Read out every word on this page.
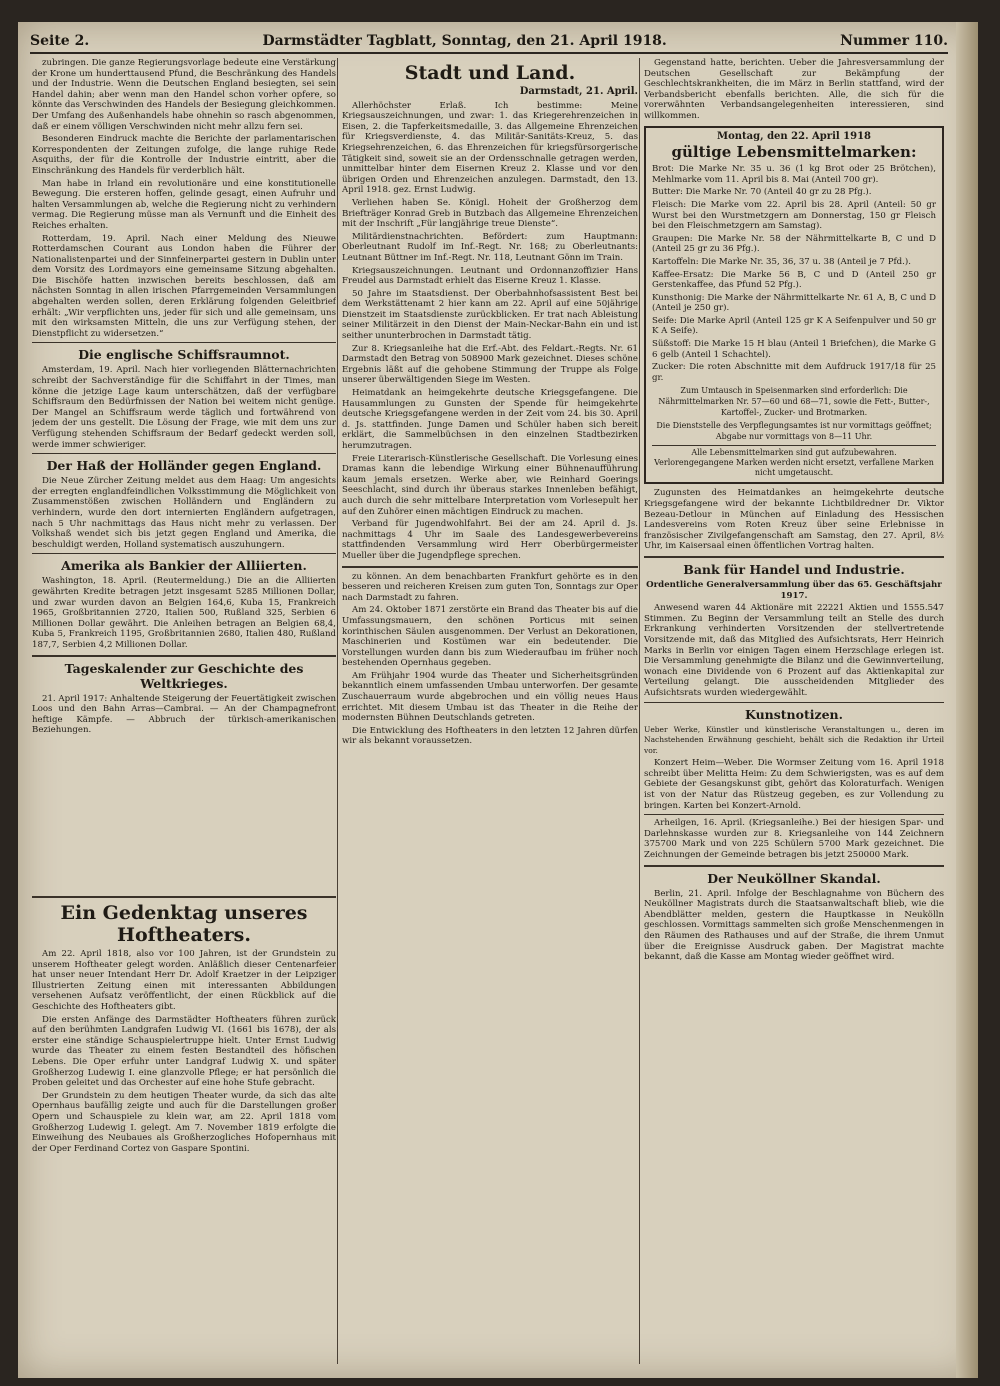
Seite 2.	Darmstädter Tagblatt, Sonntag, den 21. April 1918.	Nummer 110.

zubringen. Die ganze Regierungsvorlage bedeute eine Verstärkung der Krone um hunderttausend Pfund, die Beschränkung des Handels und der Industrie. Wenn die Deutschen England besiegten, sei sein Handel dahin; aber wenn man den Handel schon vorher opfere, so könnte das Verschwinden des Handels der Besiegung gleichkommen. Der Umfang des Außenhandels habe ohnehin so rasch abgenommen, daß er einem völligen Verschwinden nicht mehr allzu fern sei.

Besonderen Eindruck machte die Berichte der parlamentarischen Korrespondenten der Zeitungen zufolge, die lange ruhige Rede Asquiths, der für die Kontrolle der Industrie eintritt, aber die Einschränkung des Handels für verderblich hält.

Man habe in Irland ein revolutionäre und eine konstitutionelle Bewegung. Die ersteren hoffen, gelinde gesagt, einen Aufruhr und halten Versammlungen ab, welche die Regierung nicht zu verhindern vermag. Die Regierung müsse man als Vernunft und die Einheit des Reiches erhalten.

Rotterdam, 19. April. Nach einer Meldung des Nieuwe Rotterdamschen Courant aus London haben die Führer der Nationalistenpartei und der Sinnfeinerpartei gestern in Dublin unter dem Vorsitz des Lordmayors eine gemeinsame Sitzung abgehalten. Die Bischöfe hatten inzwischen bereits beschlossen, daß am nächsten Sonntag in allen irischen Pfarrgemeinden Versammlungen abgehalten werden sollen, deren Erklärung folgenden Geleitbrief erhält: „Wir verpflichten uns, jeder für sich und alle gemeinsam, uns mit den wirksamsten Mitteln, die uns zur Verfügung stehen, der Dienstpflicht zu widersetzen.“

Die englische Schiffsraumnot.

Amsterdam, 19. April. Nach hier vorliegenden Blätternachrichten schreibt der Sachverständige für die Schiffahrt in der Times, man könne die jetzige Lage kaum unterschätzen, daß der verfügbare Schiffsraum den Bedürfnissen der Nation bei weitem nicht genüge. Der Mangel an Schiffsraum werde täglich und fortwährend von jedem der uns gestellt. Die Lösung der Frage, wie mit dem uns zur Verfügung stehenden Schiffsraum der Bedarf gedeckt werden soll, werde immer schwieriger.

Der Haß der Holländer gegen England.

Die Neue Zürcher Zeitung meldet aus dem Haag: Um angesichts der erregten englandfeindlichen Volksstimmung die Möglichkeit von Zusammenstößen zwischen Holländern und Engländern zu verhindern, wurde den dort internierten Engländern aufgetragen, nach 5 Uhr nachmittags das Haus nicht mehr zu verlassen. Der Volkshaß wendet sich bis jetzt gegen England und Amerika, die beschuldigt werden, Holland systematisch auszuhungern.

Amerika als Bankier der Alliierten.

Washington, 18. April. (Reutermeldung.) Die an die Alliierten gewährten Kredite betragen jetzt insgesamt 5285 Millionen Dollar, und zwar wurden davon an Belgien 164,6, Kuba 15, Frankreich 1965, Großbritannien 2720, Italien 500, Rußland 325, Serbien 6 Millionen Dollar gewährt. Die Anleihen betragen an Belgien 68,4, Kuba 5, Frankreich 1195, Großbritannien 2680, Italien 480, Rußland 187,7, Serbien 4,2 Millionen Dollar.

Tageskalender zur Geschichte des Weltkrieges.

21. April 1917: Anhaltende Steigerung der Feuertätigkeit zwischen Loos und den Bahn Arras—Cambrai. — An der Champagnefront heftige Kämpfe. — Abbruch der türkisch-amerikanischen Beziehungen.

Ein Gedenktag unseres Hoftheaters.

Am 22. April 1818, also vor 100 Jahren, ist der Grundstein zu unserem Hoftheater gelegt worden. Anläßlich dieser Centenarfeier hat unser neuer Intendant Herr Dr. Adolf Kraetzer in der Leipziger Illustrierten Zeitung einen mit interessanten Abbildungen versehenen Aufsatz veröffentlicht, der einen Rückblick auf die Geschichte des Hoftheaters gibt.

Die ersten Anfänge des Darmstädter Hoftheaters führen zurück auf den berühmten Landgrafen Ludwig VI. (1661 bis 1678), der als erster eine ständige Schauspielertruppe hielt. Unter Ernst Ludwig wurde das Theater zu einem festen Bestandteil des höfischen Lebens. Die Oper erfuhr unter Landgraf Ludwig X. und später Großherzog Ludewig I. eine glanzvolle Pflege; er hat persönlich die Proben geleitet und das Orchester auf eine hohe Stufe gebracht.

Der Grundstein zu dem heutigen Theater wurde, da sich das alte Opernhaus baufällig zeigte und auch für die Darstellungen großer Opern und Schauspiele zu klein war, am 22. April 1818 vom Großherzog Ludewig I. gelegt. Am 7. November 1819 erfolgte die Einweihung des Neubaues als Großherzogliches Hofopernhaus mit der Oper Ferdinand Cortez von Gaspare Spontini.

Stadt und Land.
Darmstadt, 21. April.

Allerhöchster Erlaß. Ich bestimme: Meine Kriegsauszeichnungen, und zwar: 1. das Kriegerehrenzeichen in Eisen, 2. die Tapferkeitsmedaille, 3. das Allgemeine Ehrenzeichen für Kriegsverdienste, 4. das Militär-Sanitäts-Kreuz, 5. das Kriegsehrenzeichen, 6. das Ehrenzeichen für kriegsfürsorgerische Tätigkeit sind, soweit sie an der Ordensschnalle getragen werden, unmittelbar hinter dem Eisernen Kreuz 2. Klasse und vor den übrigen Orden und Ehrenzeichen anzulegen. Darmstadt, den 13. April 1918. gez. Ernst Ludwig.

Verliehen haben Se. Königl. Hoheit der Großherzog dem Briefträger Konrad Greb in Butzbach das Allgemeine Ehrenzeichen mit der Inschrift „Für langjährige treue Dienste“.

Militärdienstnachrichten. Befördert: zum Hauptmann: Oberleutnant Rudolf im Inf.-Regt. Nr. 168; zu Oberleutnants: Leutnant Büttner im Inf.-Regt. Nr. 118, Leutnant Gönn im Train.

Kriegsauszeichnungen. Leutnant und Ordonnanzoffizier Hans Freudel aus Darmstadt erhielt das Eiserne Kreuz 1. Klasse.

50 Jahre im Staatsdienst. Der Oberbahnhofsassistent Best bei dem Werkstättenamt 2 hier kann am 22. April auf eine 50jährige Dienstzeit im Staatsdienste zurückblicken. Er trat nach Ableistung seiner Militärzeit in den Dienst der Main-Neckar-Bahn ein und ist seither ununterbrochen in Darmstadt tätig.

Zur 8. Kriegsanleihe hat die Erf.-Abt. des Feldart.-Regts. Nr. 61 Darmstadt den Betrag von 508900 Mark gezeichnet. Dieses schöne Ergebnis läßt auf die gehobene Stimmung der Truppe als Folge unserer überwältigenden Siege im Westen.

Heimatdank an heimgekehrte deutsche Kriegsgefangene. Die Hausammlungen zu Gunsten der Spende für heimgekehrte deutsche Kriegsgefangene werden in der Zeit vom 24. bis 30. April d. Js. stattfinden. Junge Damen und Schüler haben sich bereit erklärt, die Sammelbüchsen in den einzelnen Stadtbezirken herumzutragen.

Freie Literarisch-Künstlerische Gesellschaft. Die Vorlesung eines Dramas kann die lebendige Wirkung einer Bühnenaufführung kaum jemals ersetzen. Werke aber, wie Reinhard Goerings Seeschlacht, sind durch ihr überaus starkes Innenleben befähigt, auch durch die sehr mittelbare Interpretation vom Vorlesepult her auf den Zuhörer einen mächtigen Eindruck zu machen.

Verband für Jugendwohlfahrt. Bei der am 24. April d. Js. nachmittags 4 Uhr im Saale des Landesgewerbevereins stattfindenden Versammlung wird Herr Oberbürgermeister Mueller über die Jugendpflege sprechen.

zu können. An dem benachbarten Frankfurt gehörte es in den besseren und reicheren Kreisen zum guten Ton, Sonntags zur Oper nach Darmstadt zu fahren.

Am 24. Oktober 1871 zerstörte ein Brand das Theater bis auf die Umfassungsmauern, den schönen Porticus mit seinen korinthischen Säulen ausgenommen. Der Verlust an Dekorationen, Maschinerien und Kostümen war ein bedeutender. Die Vorstellungen wurden dann bis zum Wiederaufbau im früher noch bestehenden Opernhaus gegeben.

Am Frühjahr 1904 wurde das Theater und Sicherheitsgründen bekanntlich einem umfassenden Umbau unterworfen. Der gesamte Zuschauerraum wurde abgebrochen und ein völlig neues Haus errichtet. Mit diesem Umbau ist das Theater in die Reihe der modernsten Bühnen Deutschlands getreten.

Die Entwicklung des Hoftheaters in den letzten 12 Jahren dürfen wir als bekannt voraussetzen.

Gegenstand hatte, berichten. Ueber die Jahresversammlung der Deutschen Gesellschaft zur Bekämpfung der Geschlechtskrankheiten, die im März in Berlin stattfand, wird der Verbandsbericht ebenfalls berichten. Alle, die sich für die vorerwähnten Verbandsangelegenheiten interessieren, sind willkommen.

Montag, den 22. April 1918
gültige Lebensmittelmarken:
Brot: Die Marke Nr. 35 u. 36 (1 kg Brot oder 25 Brötchen), Mehlmarke vom 11. April bis 8. Mai (Anteil 700 gr).
Butter: Die Marke Nr. 70 (Anteil 40 gr zu 28 Pfg.).
Fleisch: Die Marke vom 22. April bis 28. April (Anteil: 50 gr Wurst bei den Wurstmetzgern am Donnerstag, 150 gr Fleisch bei den Fleischmetzgern am Samstag).
Graupen: Die Marke Nr. 58 der Nährmittelkarte B, C und D (Anteil 25 gr zu 36 Pfg.).
Kartoffeln: Die Marke Nr. 35, 36, 37 u. 38 (Anteil je 7 Pfd.).
Kaffee-Ersatz: Die Marke 56 B, C und D (Anteil 250 gr Gerstenkaffee, das Pfund 52 Pfg.).
Kunsthonig: Die Marke der Nährmittelkarte Nr. 61 A, B, C und D (Anteil je 250 gr).
Seife: Die Marke April (Anteil 125 gr K A Seifenpulver und 50 gr K A Seife).
Süßstoff: Die Marke 15 H blau (Anteil 1 Briefchen), die Marke G 6 gelb (Anteil 1 Schachtel).
Zucker: Die roten Abschnitte mit dem Aufdruck 1917/18 für 25 gr.
Zum Umtausch in Speisenmarken sind erforderlich: Die Nährmittelmarken Nr. 57—60 und 68—71, sowie die Fett-, Butter-, Kartoffel-, Zucker- und Brotmarken.
Die Dienststelle des Verpflegungsamtes ist nur vormittags geöffnet; Abgabe nur vormittags von 8—11 Uhr.
Alle Lebensmittelmarken sind gut aufzubewahren. Verlorengegangene Marken werden nicht ersetzt, verfallene Marken nicht umgetauscht.

Zugunsten des Heimatdankes an heimgekehrte deutsche Kriegsgefangene wird der bekannte Lichtbildredner Dr. Viktor Bezeau-Detlour in München auf Einladung des Hessischen Landesvereins vom Roten Kreuz über seine Erlebnisse in französischer Zivilgefangenschaft am Samstag, den 27. April, 8½ Uhr, im Kaisersaal einen öffentlichen Vortrag halten.

Bank für Handel und Industrie.

Ordentliche Generalversammlung über das 65. Geschäftsjahr 1917.

Anwesend waren 44 Aktionäre mit 22221 Aktien und 1555.547 Stimmen. Zu Beginn der Versammlung teilt an Stelle des durch Erkrankung verhinderten Vorsitzenden der stellvertretende Vorsitzende mit, daß das Mitglied des Aufsichtsrats, Herr Heinrich Marks in Berlin vor einigen Tagen einem Herzschlage erlegen ist. Die Versammlung genehmigte die Bilanz und die Gewinnverteilung, wonach eine Dividende von 6 Prozent auf das Aktienkapital zur Verteilung gelangt. Die ausscheidenden Mitglieder des Aufsichtsrats wurden wiedergewählt.

Kunstnotizen.

Ueber Werke, Künstler und künstlerische Veranstaltungen u., deren im Nachstehenden Erwähnung geschieht, behält sich die Redaktion ihr Urteil vor.

Konzert Heim—Weber. Die Wormser Zeitung vom 16. April 1918 schreibt über Melitta Heim: Zu dem Schwierigsten, was es auf dem Gebiete der Gesangskunst gibt, gehört das Koloraturfach. Wenigen ist von der Natur das Rüstzeug gegeben, es zur Vollendung zu bringen. Karten bei Konzert-Arnold.

Arheilgen, 16. April. (Kriegsanleihe.) Bei der hiesigen Spar- und Darlehnskasse wurden zur 8. Kriegsanleihe von 144 Zeichnern 375700 Mark und von 225 Schülern 5700 Mark gezeichnet. Die Zeichnungen der Gemeinde betragen bis jetzt 250000 Mark.

Der Neuköllner Skandal.

Berlin, 21. April. Infolge der Beschlagnahme von Büchern des Neuköllner Magistrats durch die Staatsanwaltschaft blieb, wie die Abendblätter melden, gestern die Hauptkasse in Neukölln geschlossen. Vormittags sammelten sich große Menschenmengen in den Räumen des Rathauses und auf der Straße, die ihrem Unmut über die Ereignisse Ausdruck gaben. Der Magistrat machte bekannt, daß die Kasse am Montag wieder geöffnet wird.
